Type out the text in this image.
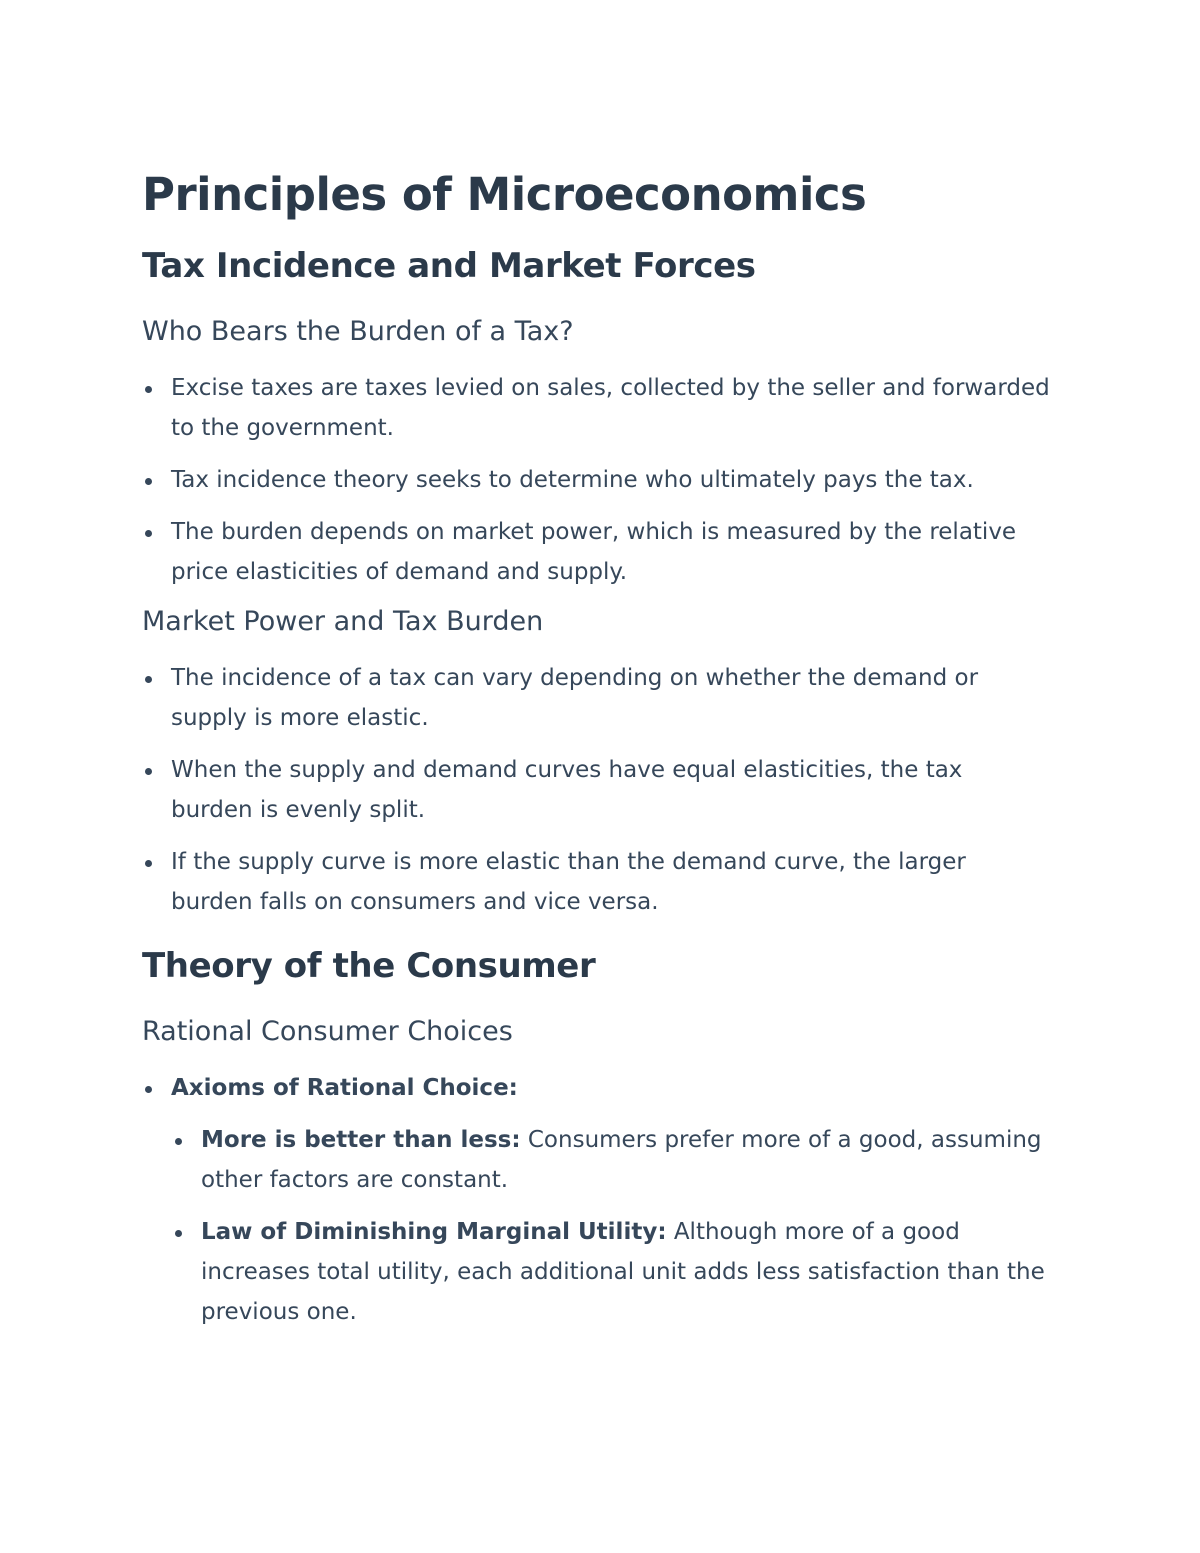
Principles of Microeconomics
Tax Incidence and Market Forces
Who Bears the Burden of a Tax?
Excise taxes are taxes levied on sales, collected by the seller and forwarded to the government.
Tax incidence theory seeks to determine who ultimately pays the tax.
The burden depends on market power, which is measured by the relative price elasticities of demand and supply.
Market Power and Tax Burden
The incidence of a tax can vary depending on whether the demand or supply is more elastic.
When the supply and demand curves have equal elasticities, the tax burden is evenly split.
If the supply curve is more elastic than the demand curve, the larger burden falls on consumers and vice versa.
Theory of the Consumer
Rational Consumer Choices
Axioms of Rational Choice:
More is better than less: Consumers prefer more of a good, assuming other factors are constant.
Law of Diminishing Marginal Utility: Although more of a good increases total utility, each additional unit adds less satisfaction than the previous one.
